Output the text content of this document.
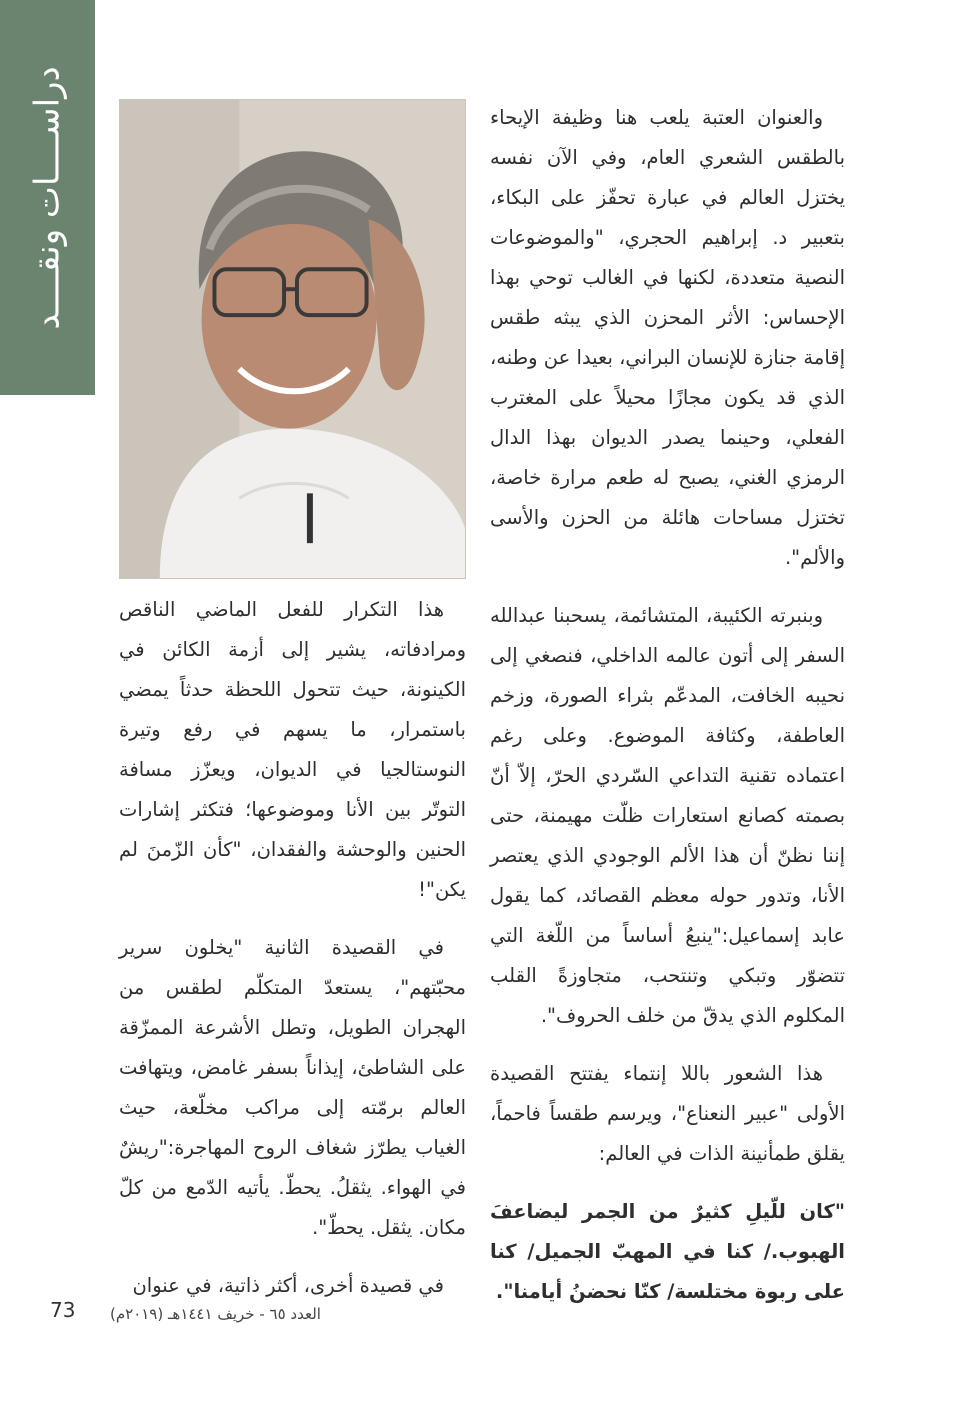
دراســــات ونقــــد	والعنوان العتبة يلعب هنا وظيفة الإيحاء بالطقس الشعري العام، وفي الآن نفسه يختزل العالم في عبارة تحفّز على البكاء، بتعبير د. إبراهيم الحجري، "والموضوعات النصية متعددة، لكنها في الغالب توحي بهذا الإحساس: الأثر المحزن الذي يبثه طقس إقامة جنازة للإنسان البراني، بعيدا عن وطنه، الذي قد يكون مجازًا محيلاً على المغترب الفعلي، وحينما يصدر الديوان بهذا الدال الرمزي الغني، يصبح له طعم مرارة خاصة، تختزل مساحات هائلة من الحزن والأسى والألم".

وبنبرته الكئيبة، المتشائمة، يسحبنا عبدالله السفر إلى أتون عالمه الداخلي، فنصغي إلى نحيبه الخافت، المدعّم بثراء الصورة، وزخم العاطفة، وكثافة الموضوع. وعلى رغم اعتماده تقنية التداعي السّردي الحرّ، إلاّ أنّ بصمته كصانع استعارات ظلّت مهيمنة، حتى إننا نظنّ أن هذا الألم الوجودي الذي يعتصر الأنا، وتدور حوله معظم القصائد، كما يقول عابد إسماعيل:"ينبعُ أساساً من اللّغة التي تتضوّر وتبكي وتنتحب، متجاوزةً القلب المكلوم الذي يدقّ من خلف الحروف".

هذا الشعور باللا إنتماء يفتتح القصيدة الأولى "عبير النعناع"، ويرسم طقساً فاحماً، يقلق طمأنينة الذات في العالم:

"كان للّيلِ كثيرٌ من الجمر ليضاعفَ الهبوب./ كنا في المهبّ الجميل/ كنا على ربوة مختلسة/ كنّا نحضنُ أيامنا".

هذا التكرار للفعل الماضي الناقص ومرادفاته، يشير إلى أزمة الكائن في الكينونة، حيث تتحول اللحظة حدثاً يمضي باستمرار، ما يسهم في رفع وتيرة النوستالجيا في الديوان، ويعزّز مسافة التوتّر بين الأنا وموضوعها؛ فتكثر إشارات الحنين والوحشة والفقدان، "كأن الزّمنَ لم يكن"!

في القصيدة الثانية "يخلون سرير محبّتهم"، يستعدّ المتكلّم لطقس من الهجران الطويل، وتطل الأشرعة الممزّقة على الشاطئ، إيذاناً بسفر غامض، ويتهافت العالم برمّته إلى مراكب مخلّعة، حيث الغياب يطرّز شغاف الروح المهاجرة:"ريشٌ في الهواء. يثقلُ. يحطّ. يأتيه الدّمع من كلّ مكان. يثقل. يحطّ".

في قصيدة أخرى، أكثر ذاتية، في عنوان

73 العدد ٦٥ - خريف ١٤٤١هـ (٢٠١٩م)
